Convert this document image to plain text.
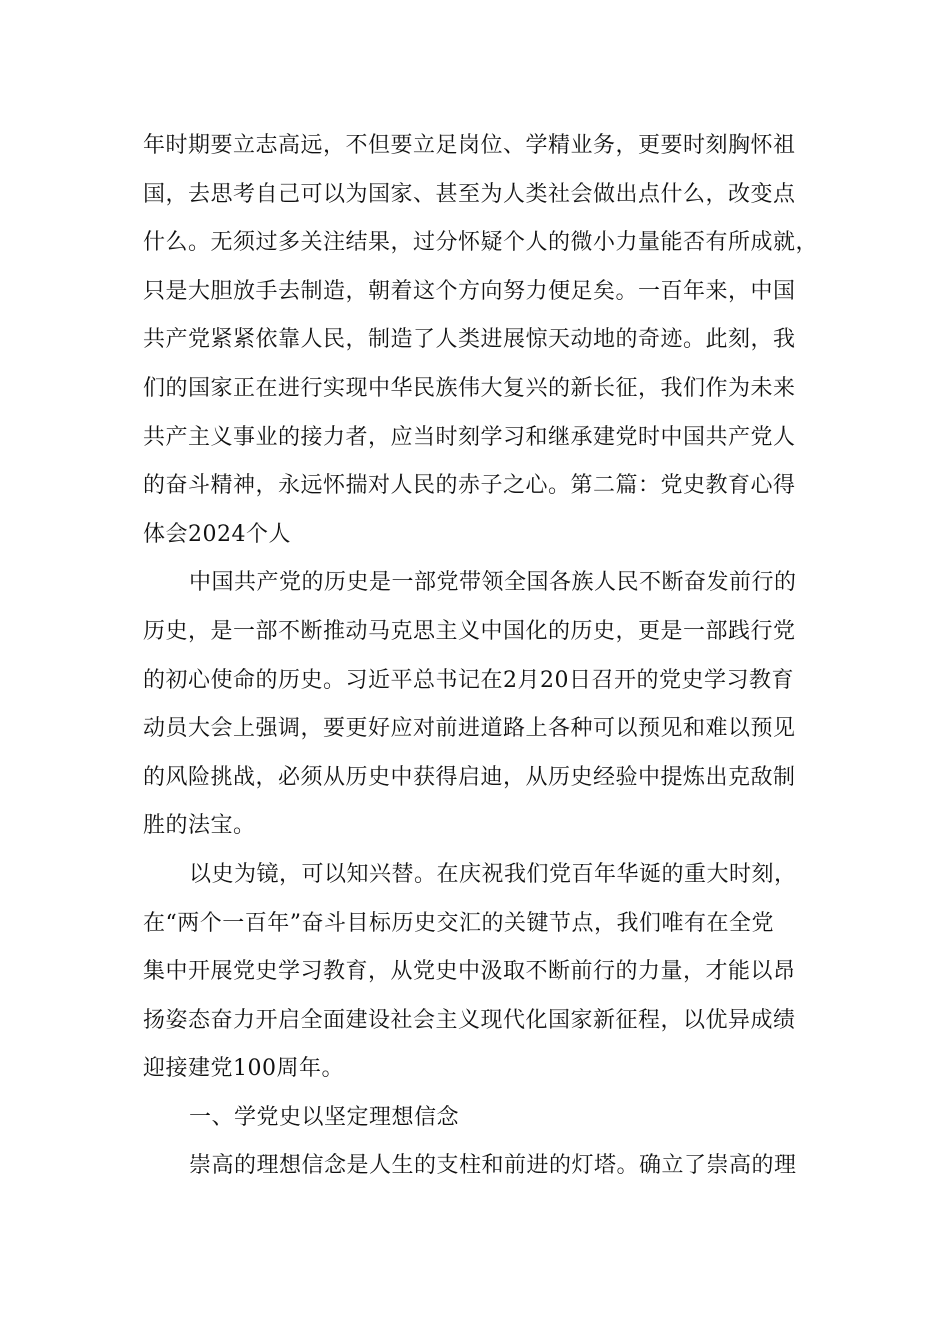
年时期要立志高远，不但要立足岗位、学精业务，更要时刻胸怀祖
国，去思考自己可以为国家、甚至为人类社会做出点什么，改变点
什么。无须过多关注结果，过分怀疑个人的微小力量能否有所成就，
只是大胆放手去制造，朝着这个方向努力便足矣。一百年来，中国
共产党紧紧依靠人民，制造了人类进展惊天动地的奇迹。此刻，我
们的国家正在进行实现中华民族伟大复兴的新长征，我们作为未来
共产主义事业的接力者，应当时刻学习和继承建党时中国共产党人
的奋斗精神，永远怀揣对人民的赤子之心。第二篇：党史教育心得
体会2024个人
中国共产党的历史是一部党带领全国各族人民不断奋发前行的
历史，是一部不断推动马克思主义中国化的历史，更是一部践行党
的初心使命的历史。习近平总书记在2月20日召开的党史学习教育
动员大会上强调，要更好应对前进道路上各种可以预见和难以预见
的风险挑战，必须从历史中获得启迪，从历史经验中提炼出克敌制
胜的法宝。
以史为镜，可以知兴替。在庆祝我们党百年华诞的重大时刻，
在“两个一百年”奋斗目标历史交汇的关键节点，我们唯有在全党
集中开展党史学习教育，从党史中汲取不断前行的力量，才能以昂
扬姿态奋力开启全面建设社会主义现代化国家新征程，以优异成绩
迎接建党100周年。
一、学党史以坚定理想信念
崇高的理想信念是人生的支柱和前进的灯塔。确立了崇高的理
